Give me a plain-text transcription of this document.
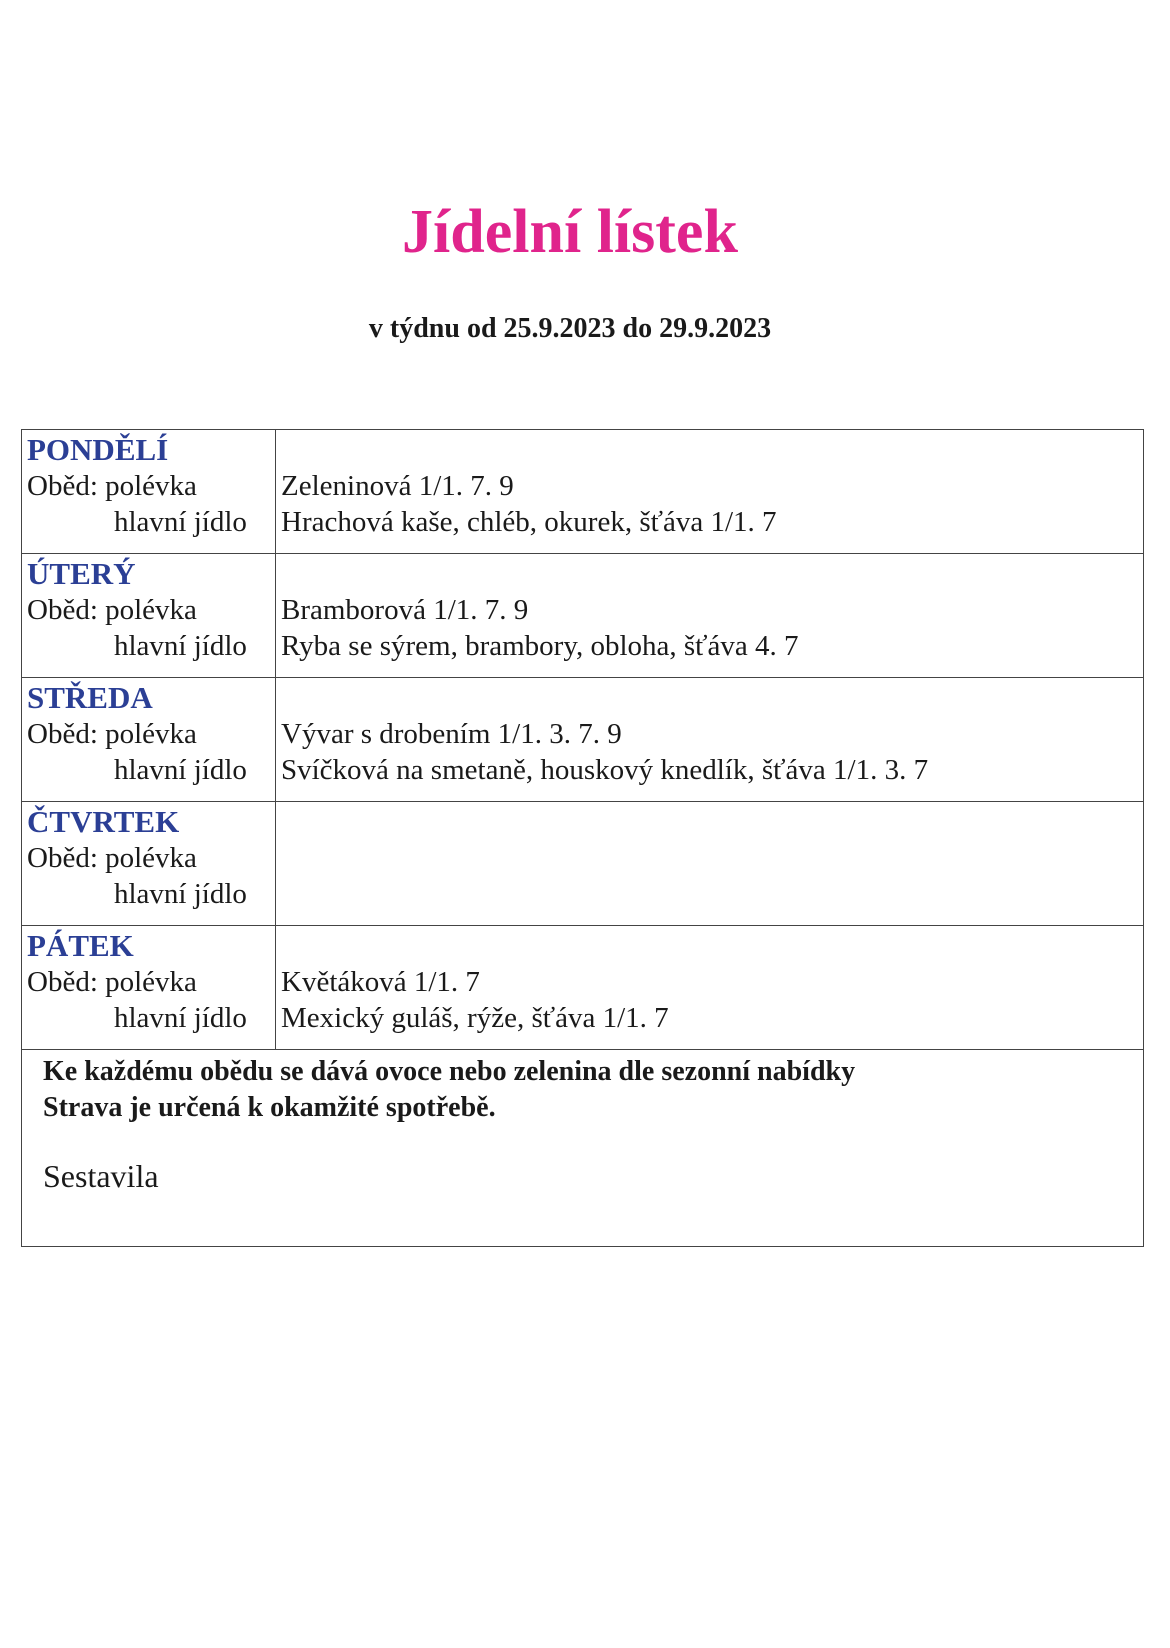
Jídelní lístek
v týdnu od 25.9.2023 do 29.9.2023
PONDĚLÍ
Oběd: polévka
hlavní jídlo
Zeleninová 1/1. 7. 9
Hrachová kaše, chléb, okurek, šťáva 1/1. 7
ÚTERÝ
Oběd: polévka
hlavní jídlo
Bramborová 1/1. 7. 9
Ryba se sýrem, brambory, obloha, šťáva 4. 7
STŘEDA
Oběd: polévka
hlavní jídlo
Vývar s drobením 1/1. 3. 7. 9
Svíčková na smetaně, houskový knedlík, šťáva 1/1. 3. 7
ČTVRTEK
Oběd: polévka
hlavní jídlo
PÁTEK
Oběd: polévka
hlavní jídlo
Květáková 1/1. 7
Mexický guláš, rýže, šťáva 1/1. 7
Ke každému obědu se dává ovoce nebo zelenina dle sezonní nabídky
Strava je určená k okamžité spotřebě.
Sestavila
